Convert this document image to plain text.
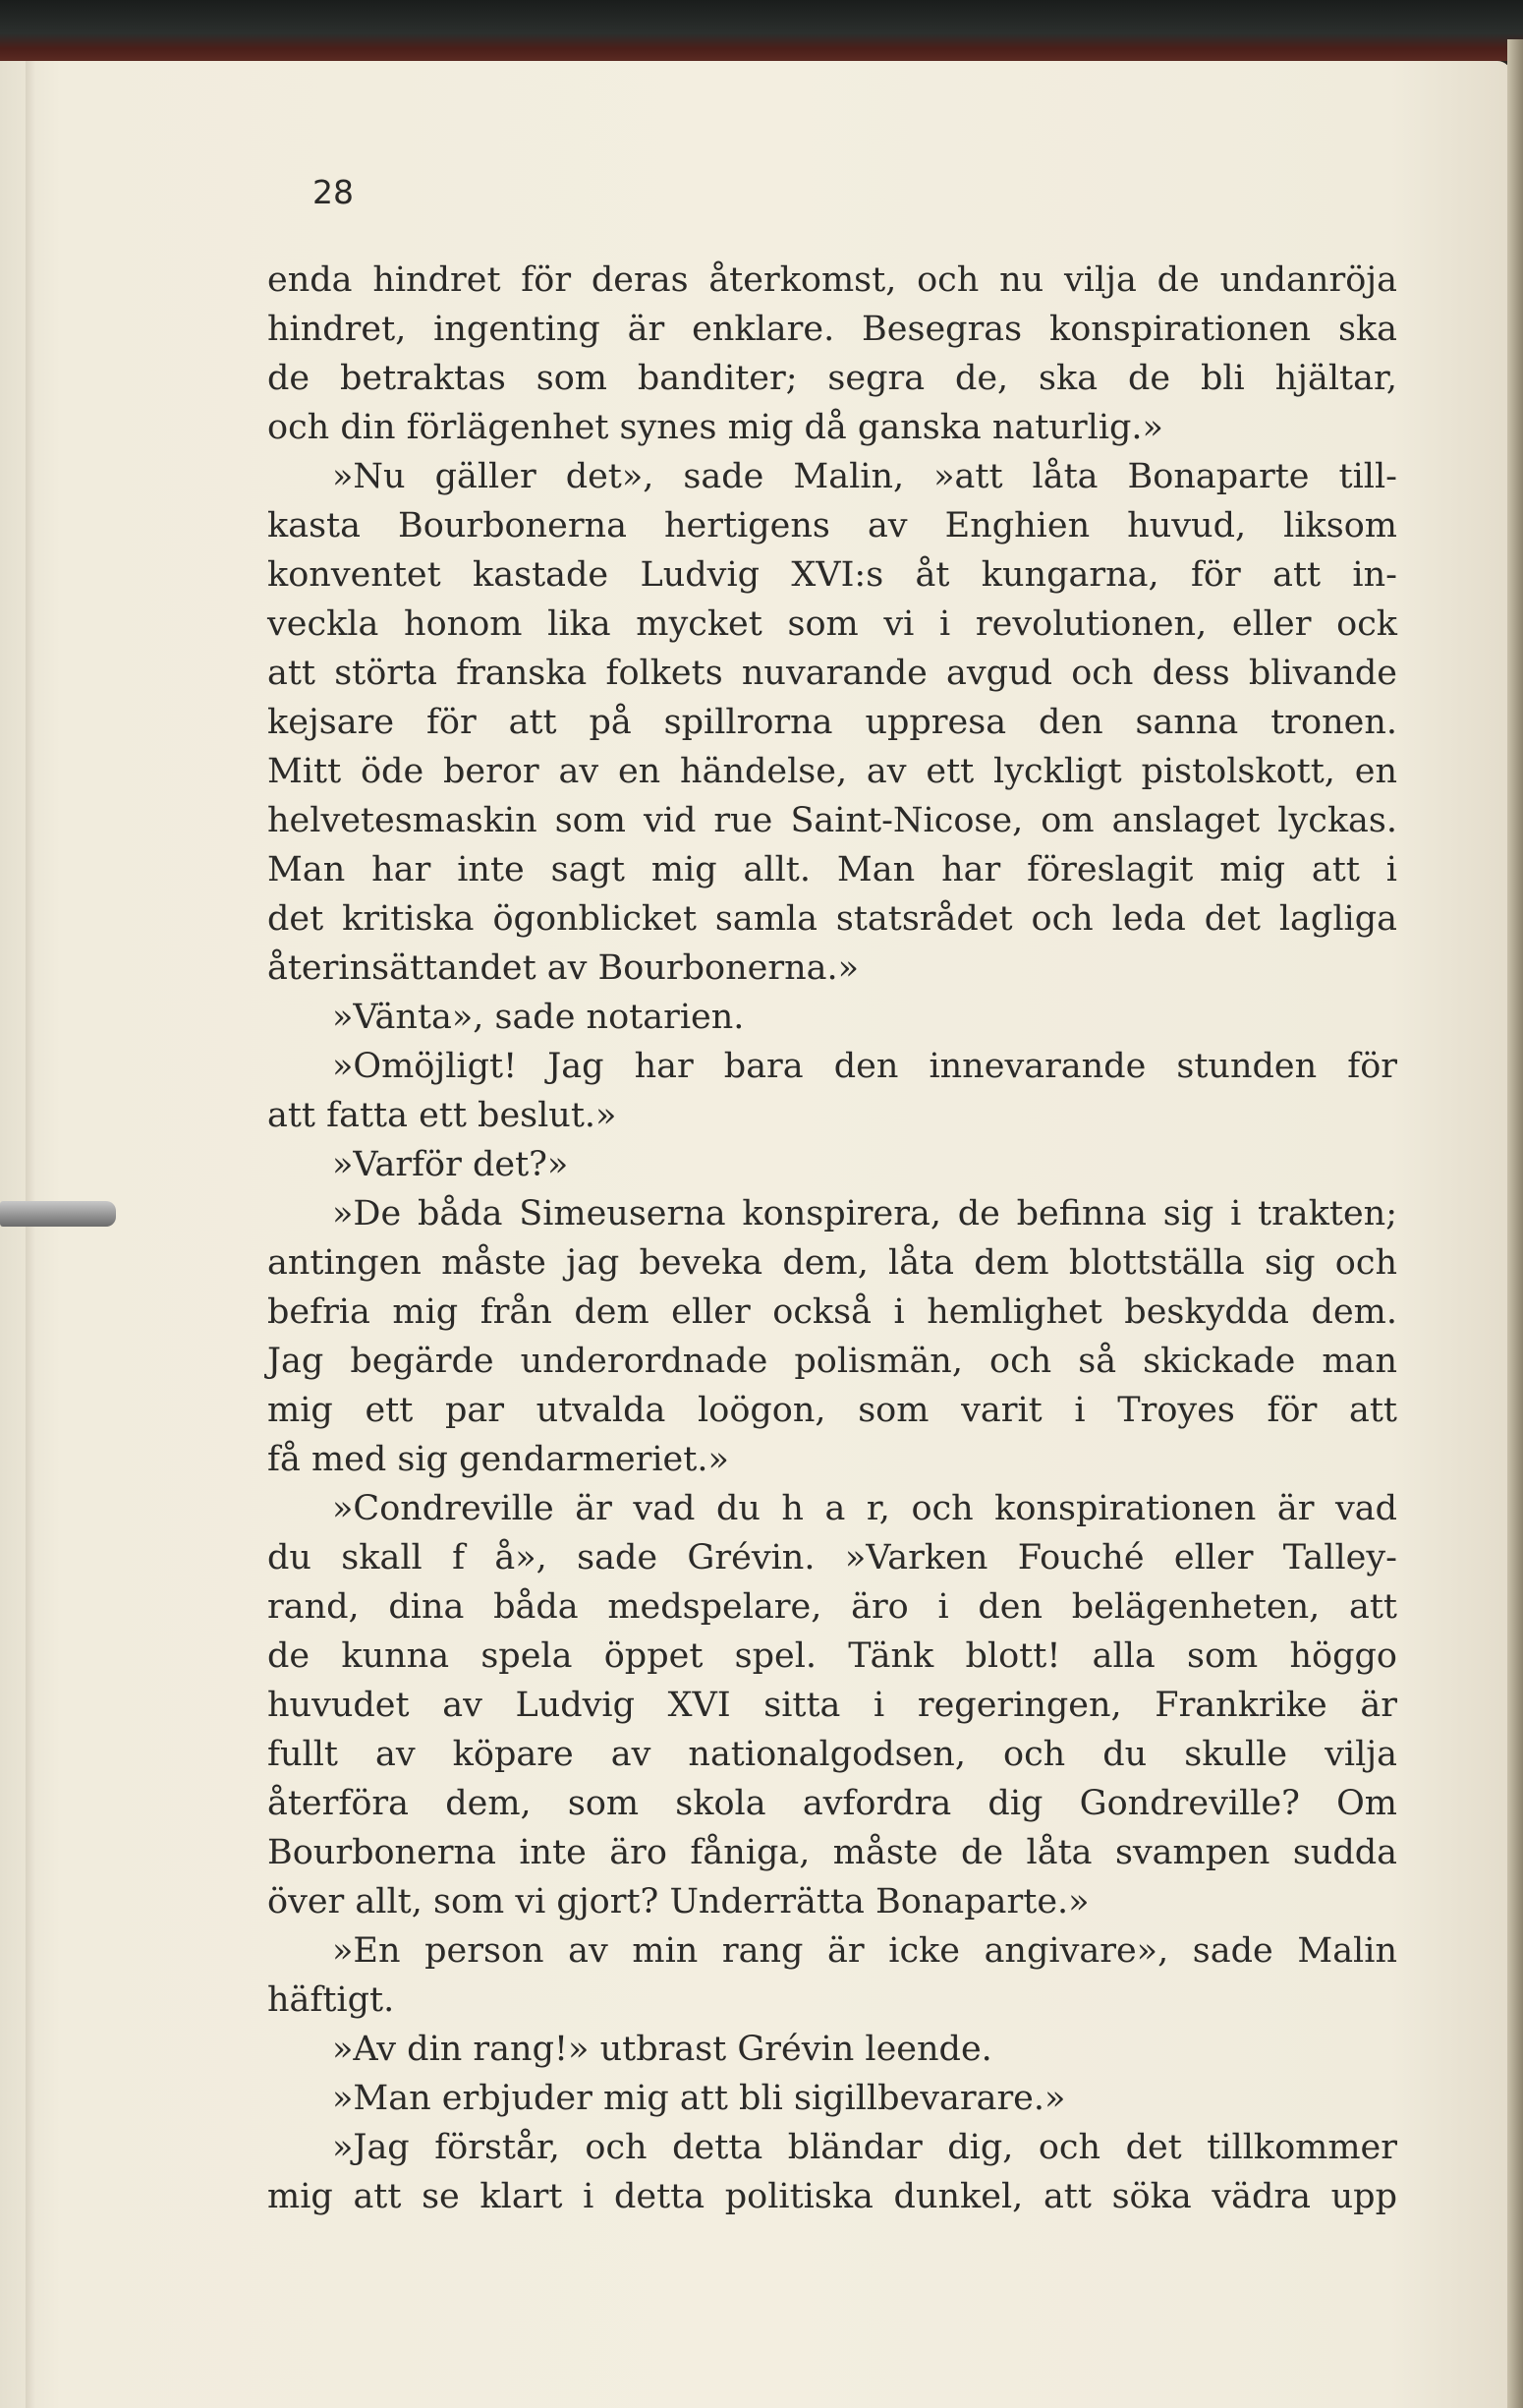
28
enda hindret för deras återkomst, och nu vilja de undanröja
hindret, ingenting är enklare. Besegras konspirationen ska
de betraktas som banditer; segra de, ska de bli hjältar,
och din förlägenhet synes mig då ganska naturlig.»
»Nu gäller det», sade Malin, »att låta Bonaparte till-
kasta Bourbonerna hertigens av Enghien huvud, liksom
konventet kastade Ludvig XVI:s åt kungarna, för att in-
veckla honom lika mycket som vi i revolutionen, eller ock
att störta franska folkets nuvarande avgud och dess blivande
kejsare för att på spillrorna uppresa den sanna tronen.
Mitt öde beror av en händelse, av ett lyckligt pistolskott, en
helvetesmaskin som vid rue Saint-Nicose, om anslaget lyckas.
Man har inte sagt mig allt. Man har föreslagit mig att i
det kritiska ögonblicket samla statsrådet och leda det lagliga
återinsättandet av Bourbonerna.»
»Vänta», sade notarien.
»Omöjligt! Jag har bara den innevarande stunden för
att fatta ett beslut.»
»Varför det?»
»De båda Simeuserna konspirera, de befinna sig i trakten;
antingen måste jag beveka dem, låta dem blottställa sig och
befria mig från dem eller också i hemlighet beskydda dem.
Jag begärde underordnade polismän, och så skickade man
mig ett par utvalda loögon, som varit i Troyes för att
få med sig gendarmeriet.»
»Condreville är vad du h a r, och konspirationen är vad
du skall f å», sade Grévin. »Varken Fouché eller Talley-
rand, dina båda medspelare, äro i den belägenheten, att
de kunna spela öppet spel. Tänk blott! alla som höggo
huvudet av Ludvig XVI sitta i regeringen, Frankrike är
fullt av köpare av nationalgodsen, och du skulle vilja
återföra dem, som skola avfordra dig Gondreville? Om
Bourbonerna inte äro fåniga, måste de låta svampen sudda
över allt, som vi gjort? Underrätta Bonaparte.»
»En person av min rang är icke angivare», sade Malin
häftigt.
»Av din rang!» utbrast Grévin leende.
»Man erbjuder mig att bli sigillbevarare.»
»Jag förstår, och detta bländar dig, och det tillkommer
mig att se klart i detta politiska dunkel, att söka vädra upp
